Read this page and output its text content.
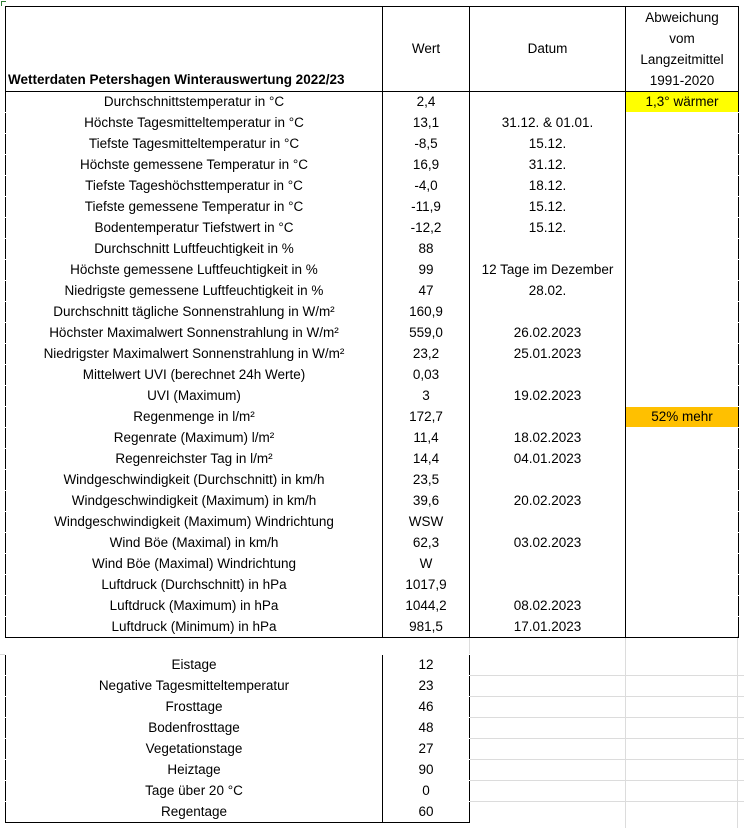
Wetterdaten Petershagen Winterauswertung 2022/23	Wert	Datum	Abweichung
vom
Langzeitmittel
1991-2020

Durchschnittstemperatur in °C	2,4		1,3° wärmer
Höchste Tagesmitteltemperatur in °C	13,1	31.12. & 01.01.	
Tiefste Tagesmitteltemperatur in °C	-8,5	15.12.	
Höchste gemessene Temperatur in °C	16,9	31.12.	
Tiefste Tageshöchsttemperatur in °C	-4,0	18.12.	
Tiefste gemessene Temperatur in °C	-11,9	15.12.	
Bodentemperatur Tiefstwert in °C	-12,2	15.12.	
Durchschnitt Luftfeuchtigkeit in %	88		
Höchste gemessene Luftfeuchtigkeit in %	99	12 Tage im Dezember	
Niedrigste gemessene Luftfeuchtigkeit in %	47	28.02.	
Durchschnitt tägliche Sonnenstrahlung in W/m²	160,9		
Höchster Maximalwert Sonnenstrahlung in W/m²	559,0	26.02.2023	
Niedrigster Maximalwert Sonnenstrahlung in W/m²	23,2	25.01.2023	
Mittelwert UVI (berechnet 24h Werte)	0,03		
UVI (Maximum)	3	19.02.2023	
Regenmenge in l/m²	172,7		52% mehr
Regenrate (Maximum) l/m²	11,4	18.02.2023	
Regenreichster Tag in l/m²	14,4	04.01.2023	
Windgeschwindigkeit (Durchschnitt) in km/h	23,5		
Windgeschwindigkeit (Maximum) in km/h	39,6	20.02.2023	
Windgeschwindigkeit (Maximum) Windrichtung	WSW		
Wind Böe (Maximal) in km/h	62,3	03.02.2023	
Wind Böe (Maximal) Windrichtung	W		
Luftdruck (Durchschnitt) in hPa	1017,9		
Luftdruck (Maximum) in hPa	1044,2	08.02.2023	
Luftdruck (Minimum) in hPa	981,5	17.01.2023	
Eistage	12
Negative Tagesmitteltemperatur	23
Frosttage	46
Bodenfrosttage	48
Vegetationstage	27
Heiztage	90
Tage über 20 °C	0
Regentage	60
